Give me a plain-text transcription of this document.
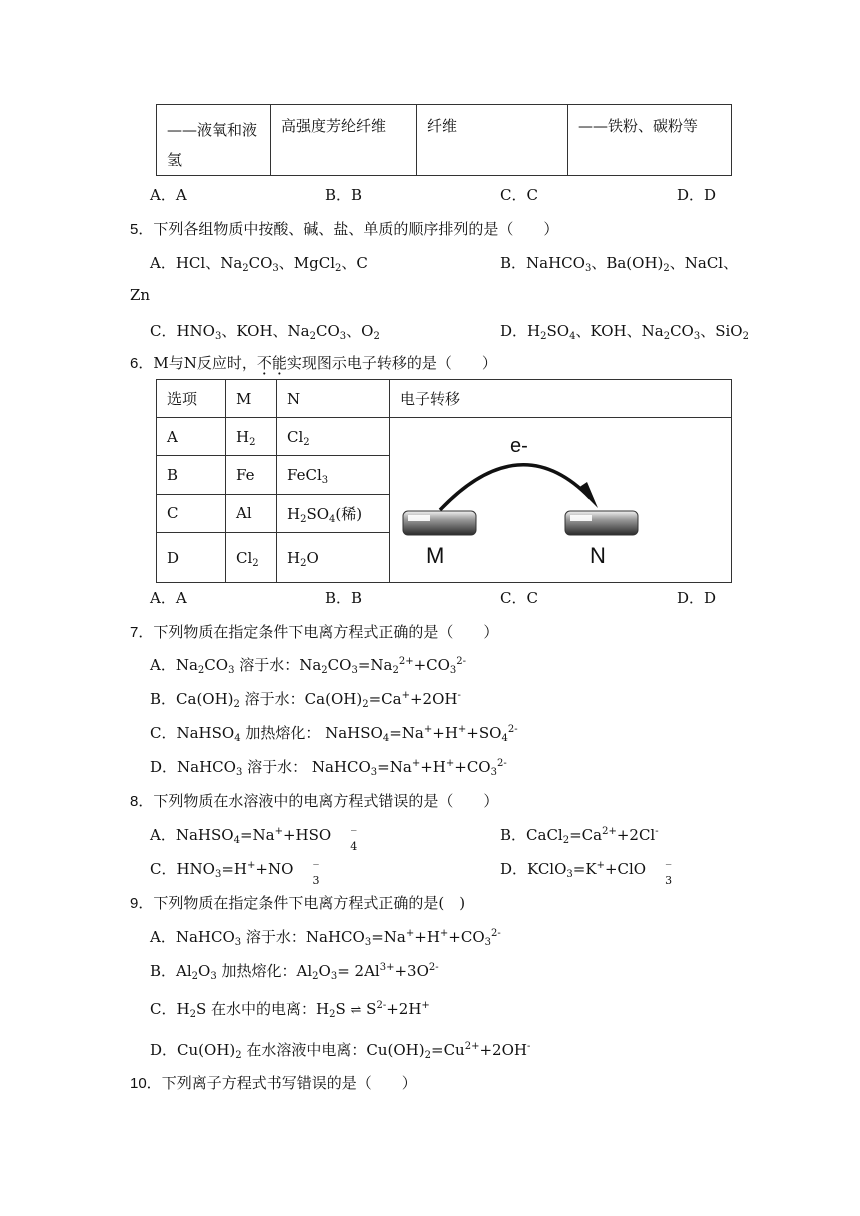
——液氧和液
氢	高强度芳纶纤维	纤维	——铁粉、碳粉等
A．A	B．B	C．C	D．D
5．下列各组物质中按酸、碱、盐、单质的顺序排列的是（　　）
A．HCl、$Na_2CO_3$、MgCl$_2$、C	B．NaHCO$_3$、$Ba(OH)_2$、NaCl、
Zn
C．$HNO_3$、KOH、$Na_2CO_3$、$O_2$	D．$H_2SO_4$、KOH、$Na_2CO_3$、SiO$_2$
6．M与N反应时，不能实现图示电子转移的是（　　）
选项	M	N	电子转移
A	$H_2$	$Cl_2$	e-
M N

B	Fe	FeCl$_3$
C	Al	$H_2SO_4$(稀)	
D	$Cl_2$	$H_2O$	
A．A	B．B	C．C	D．D
7．下列物质在指定条件下电离方程式正确的是（　　）
A．$Na_2CO_3$ 溶于水：$Na_2CO_3=Na_2^{2+}+CO_3^{2-}$
B．$Ca(OH)_2$ 溶于水：$Ca(OH)_2=Ca^++2OH^-$
C．NaHSO$_4$ 加热熔化： $NaHSO_4=Na^++H^++SO_4^{2-}$
D．NaHCO$_3$ 溶于水： $NaHCO_3=Na^++H^++CO_3^{2-}$
8．下列物质在水溶液中的电离方程式错误的是（　　）
A．NaHSO$_4$=Na++HSO    ‾
4
B．$CaCl_2=Ca^{2+}+2Cl^-$
C．$HNO_3=H^++NO$    ‾
3
D．KClO$_3$=K++ClO    ‾
3
9．下列物质在指定条件下电离方程式正确的是(　)
A．NaHCO$_3$ 溶于水：$NaHCO_3=Na^++H^++CO_3^{2-}$
B．$Al_2O_3$ 加热熔化：$Al_2O_3= 2Al^{3+}+3O^{2-}$
C．$H_2S$ 在水中的电离：$H_2S$ ⇌ $S^{2-}+2H^+$
D．$Cu(OH)_2$ 在水溶液中电离：$Cu(OH)_2=Cu^{2+}+2OH^-$
10．下列离子方程式书写错误的是（　　）
